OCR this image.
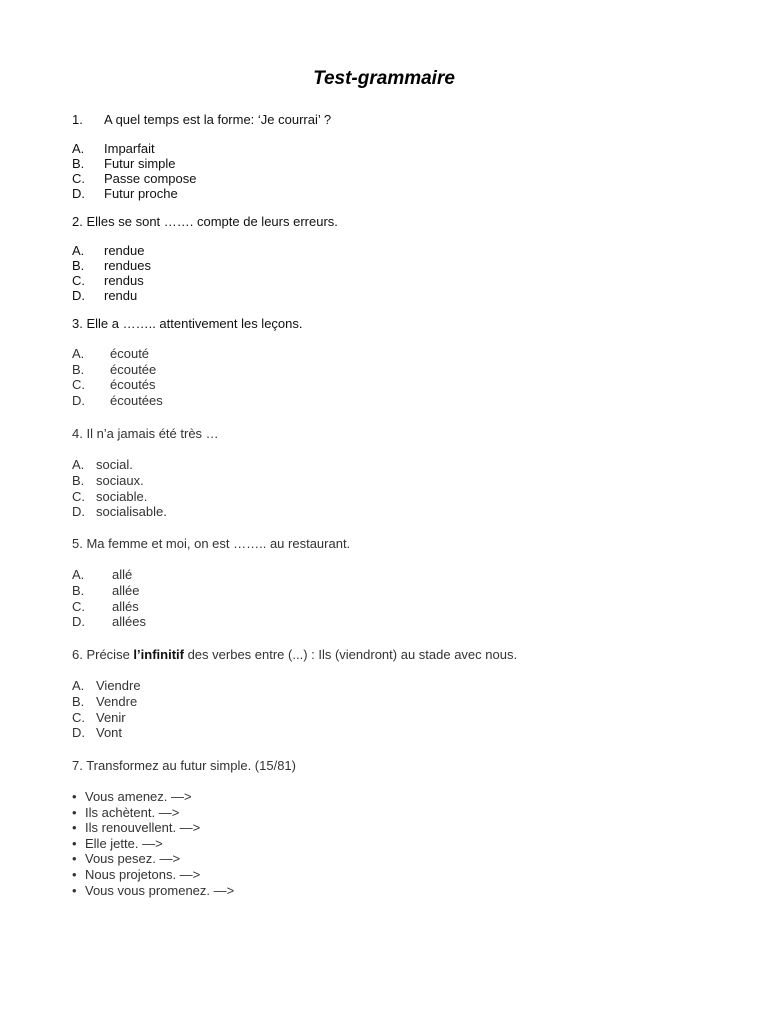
Test-grammaire
1. A quel temps est la forme: ‘Je courrai’ ?
A. Imparfait
B. Futur simple
C. Passe compose
D. Futur proche
2. Elles se sont ……. compte de leurs erreurs.
A. rendue
B. rendues
C. rendus
D. rendu
3. Elle a …….. attentivement les leçons.
A. écouté
B. écoutée
C. écoutés
D. écoutées
4. Il n’a jamais été très …
A. social.
B. sociaux.
C. sociable.
D. socialisable.
5. Ma femme et moi, on est …….. au restaurant.
A. allé
B. allée
C. allés
D. allées
6. Précise l’infinitif des verbes entre (...) : Ils (viendront) au stade avec nous.
A. Viendre
B. Vendre
C. Venir
D. Vont
7. Transformez au futur simple. (15/81)
• Vous amenez. —>
• Ils achètent. —>
• Ils renouvellent. —>
• Elle jette. —>
• Vous pesez. —>
• Nous projetons. —>
• Vous vous promenez. —>
